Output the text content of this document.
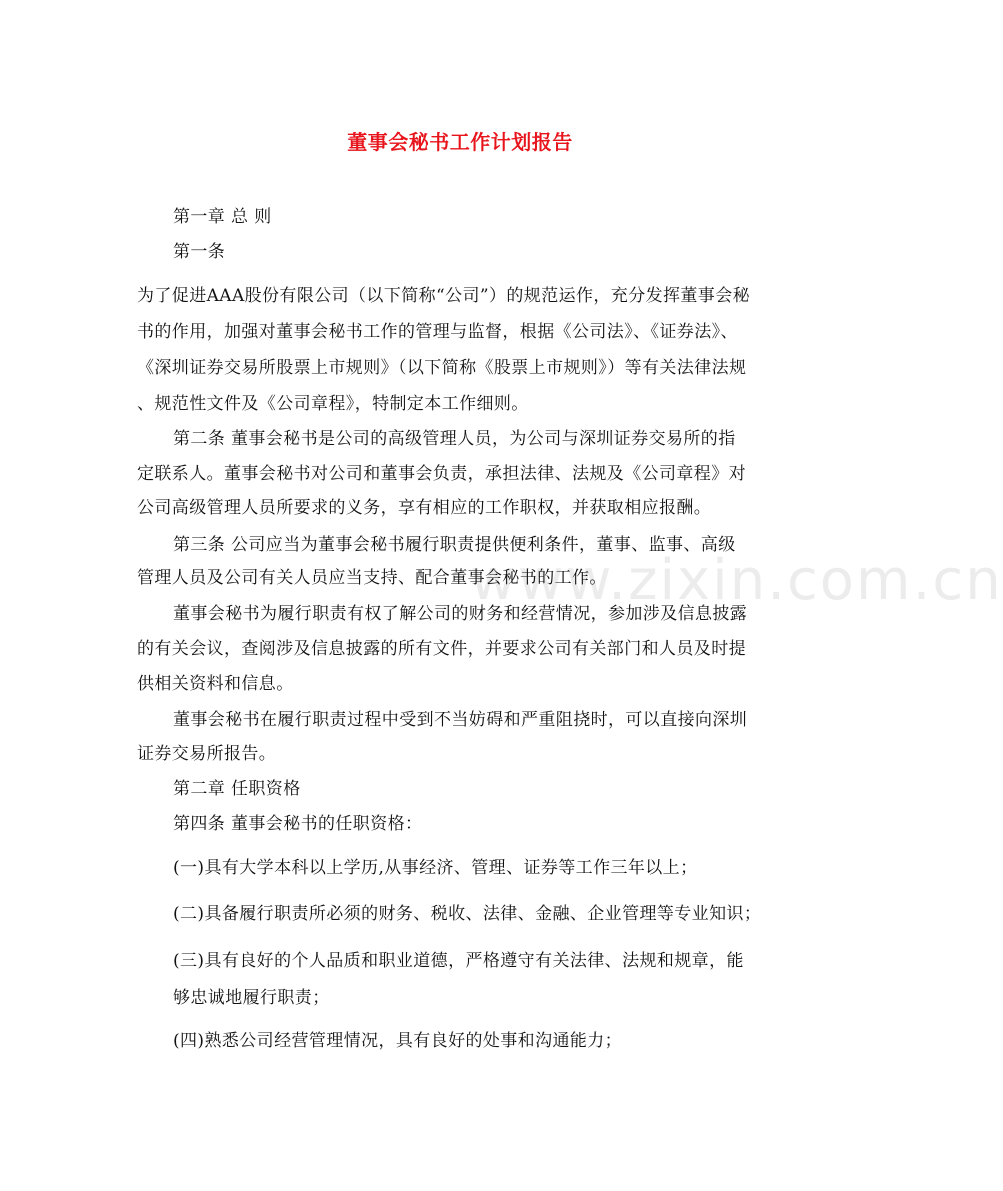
www.zixin.com.cn
董事会秘书工作计划报告
第一章 总 则
第一条
为了促进AAA股份有限公司（以下简称“公司”）的规范运作，充分发挥董事会秘
书的作用，加强对董事会秘书工作的管理与监督，根据《公司法》、《证券法》、
《深圳证券交易所股票上市规则》（以下简称《股票上市规则》）等有关法律法规
、规范性文件及《公司章程》，特制定本工作细则。
第二条 董事会秘书是公司的高级管理人员，为公司与深圳证券交易所的指
定联系人。董事会秘书对公司和董事会负责，承担法律、法规及《公司章程》对
公司高级管理人员所要求的义务，享有相应的工作职权，并获取相应报酬。
第三条 公司应当为董事会秘书履行职责提供便利条件，董事、监事、高级
管理人员及公司有关人员应当支持、配合董事会秘书的工作。
董事会秘书为履行职责有权了解公司的财务和经营情况，参加涉及信息披露
的有关会议，查阅涉及信息披露的所有文件，并要求公司有关部门和人员及时提
供相关资料和信息。
董事会秘书在履行职责过程中受到不当妨碍和严重阻挠时，可以直接向深圳
证券交易所报告。
第二章 任职资格
第四条 董事会秘书的任职资格：
(一)具有大学本科以上学历,从事经济、管理、证券等工作三年以上；
(二)具备履行职责所必须的财务、税收、法律、金融、企业管理等专业知识；
(三)具有良好的个人品质和职业道德，严格遵守有关法律、法规和规章，能
够忠诚地履行职责；
(四)熟悉公司经营管理情况，具有良好的处事和沟通能力；
